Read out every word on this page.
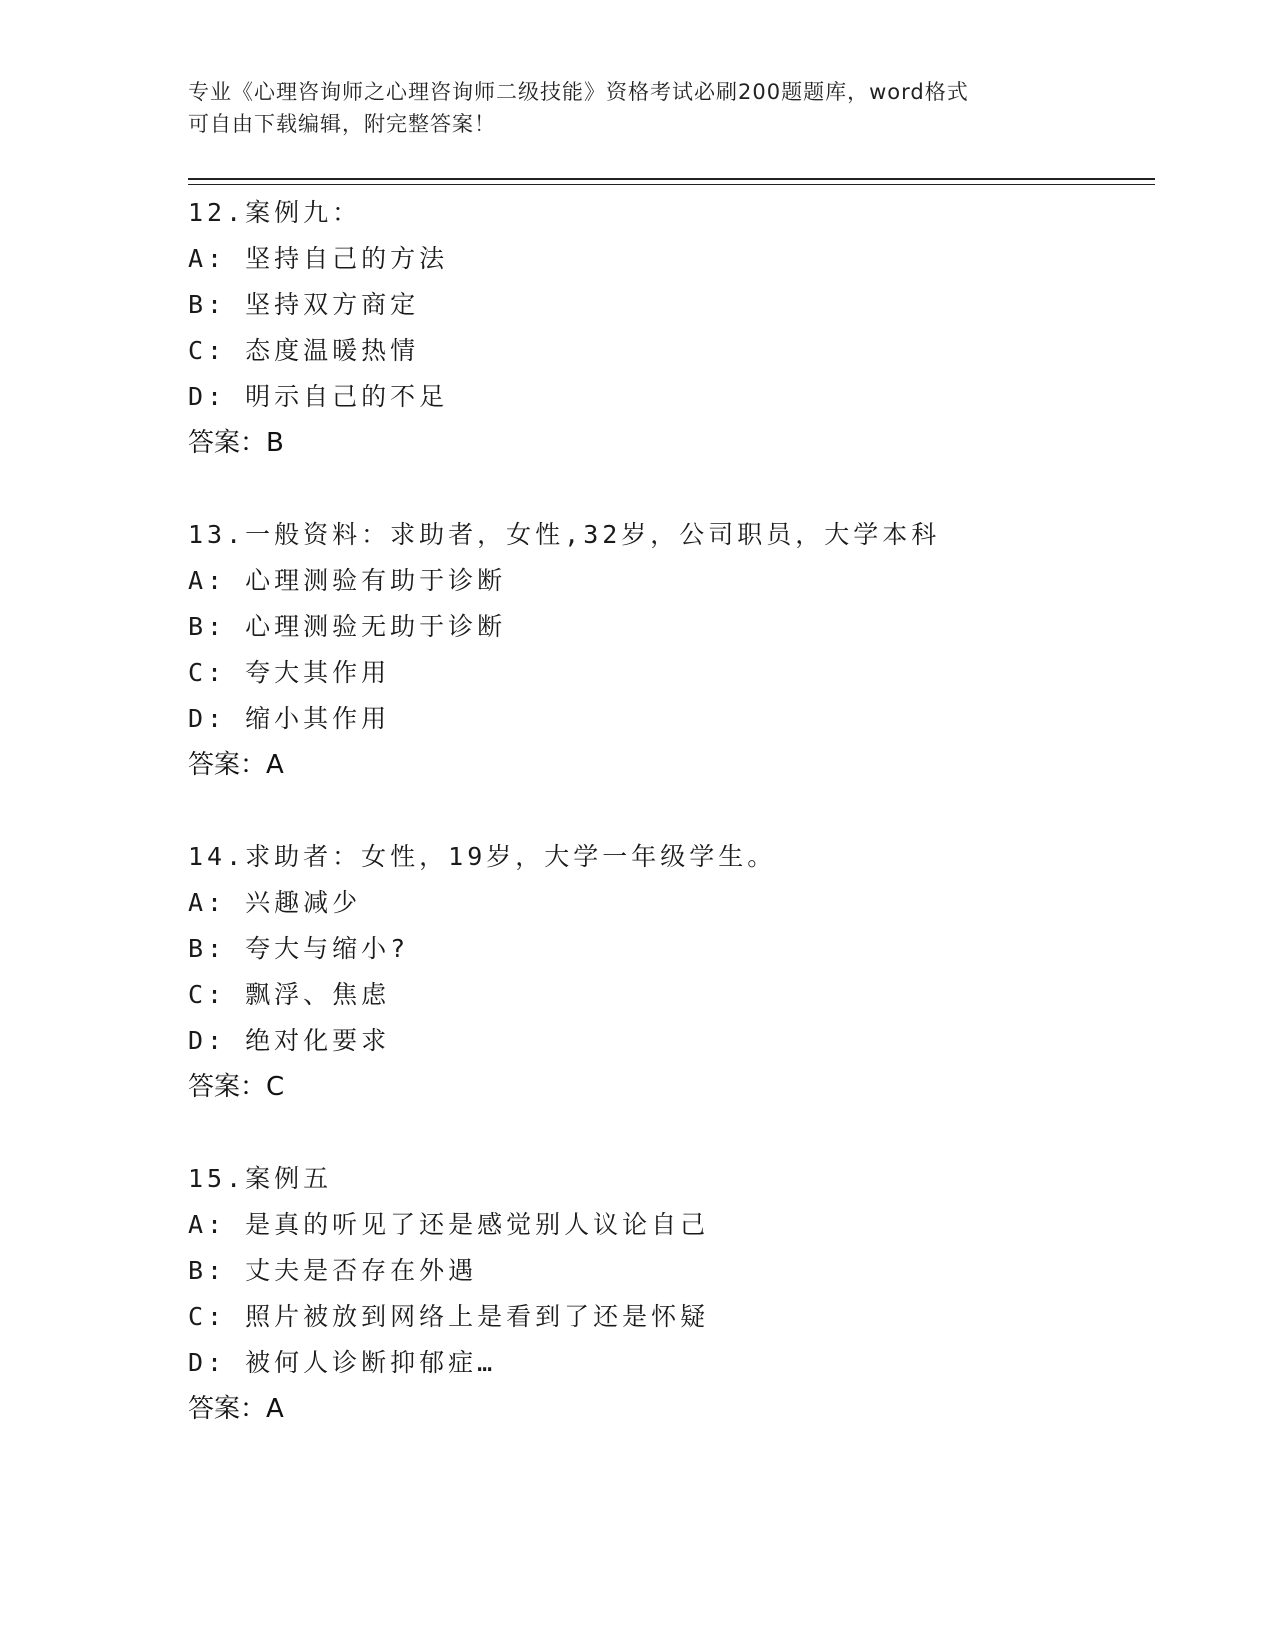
专业《心理咨询师之心理咨询师二级技能》资格考试必刷200题题库，word格式
可自由下载编辑，附完整答案！
12.案例九：
A: 坚持自己的方法
B: 坚持双方商定
C: 态度温暖热情
D: 明示自己的不足
答案：B
13.一般资料：求助者，女性,32岁，公司职员，大学本科
A: 心理测验有助于诊断
B: 心理测验无助于诊断
C: 夸大其作用
D: 缩小其作用
答案：A
14.求助者：女性，19岁，大学一年级学生。
A: 兴趣减少
B: 夸大与缩小?
C: 飘浮、焦虑
D: 绝对化要求
答案：C
15.案例五
A: 是真的听见了还是感觉别人议论自己
B: 丈夫是否存在外遇
C: 照片被放到网络上是看到了还是怀疑
D: 被何人诊断抑郁症…
答案：A
